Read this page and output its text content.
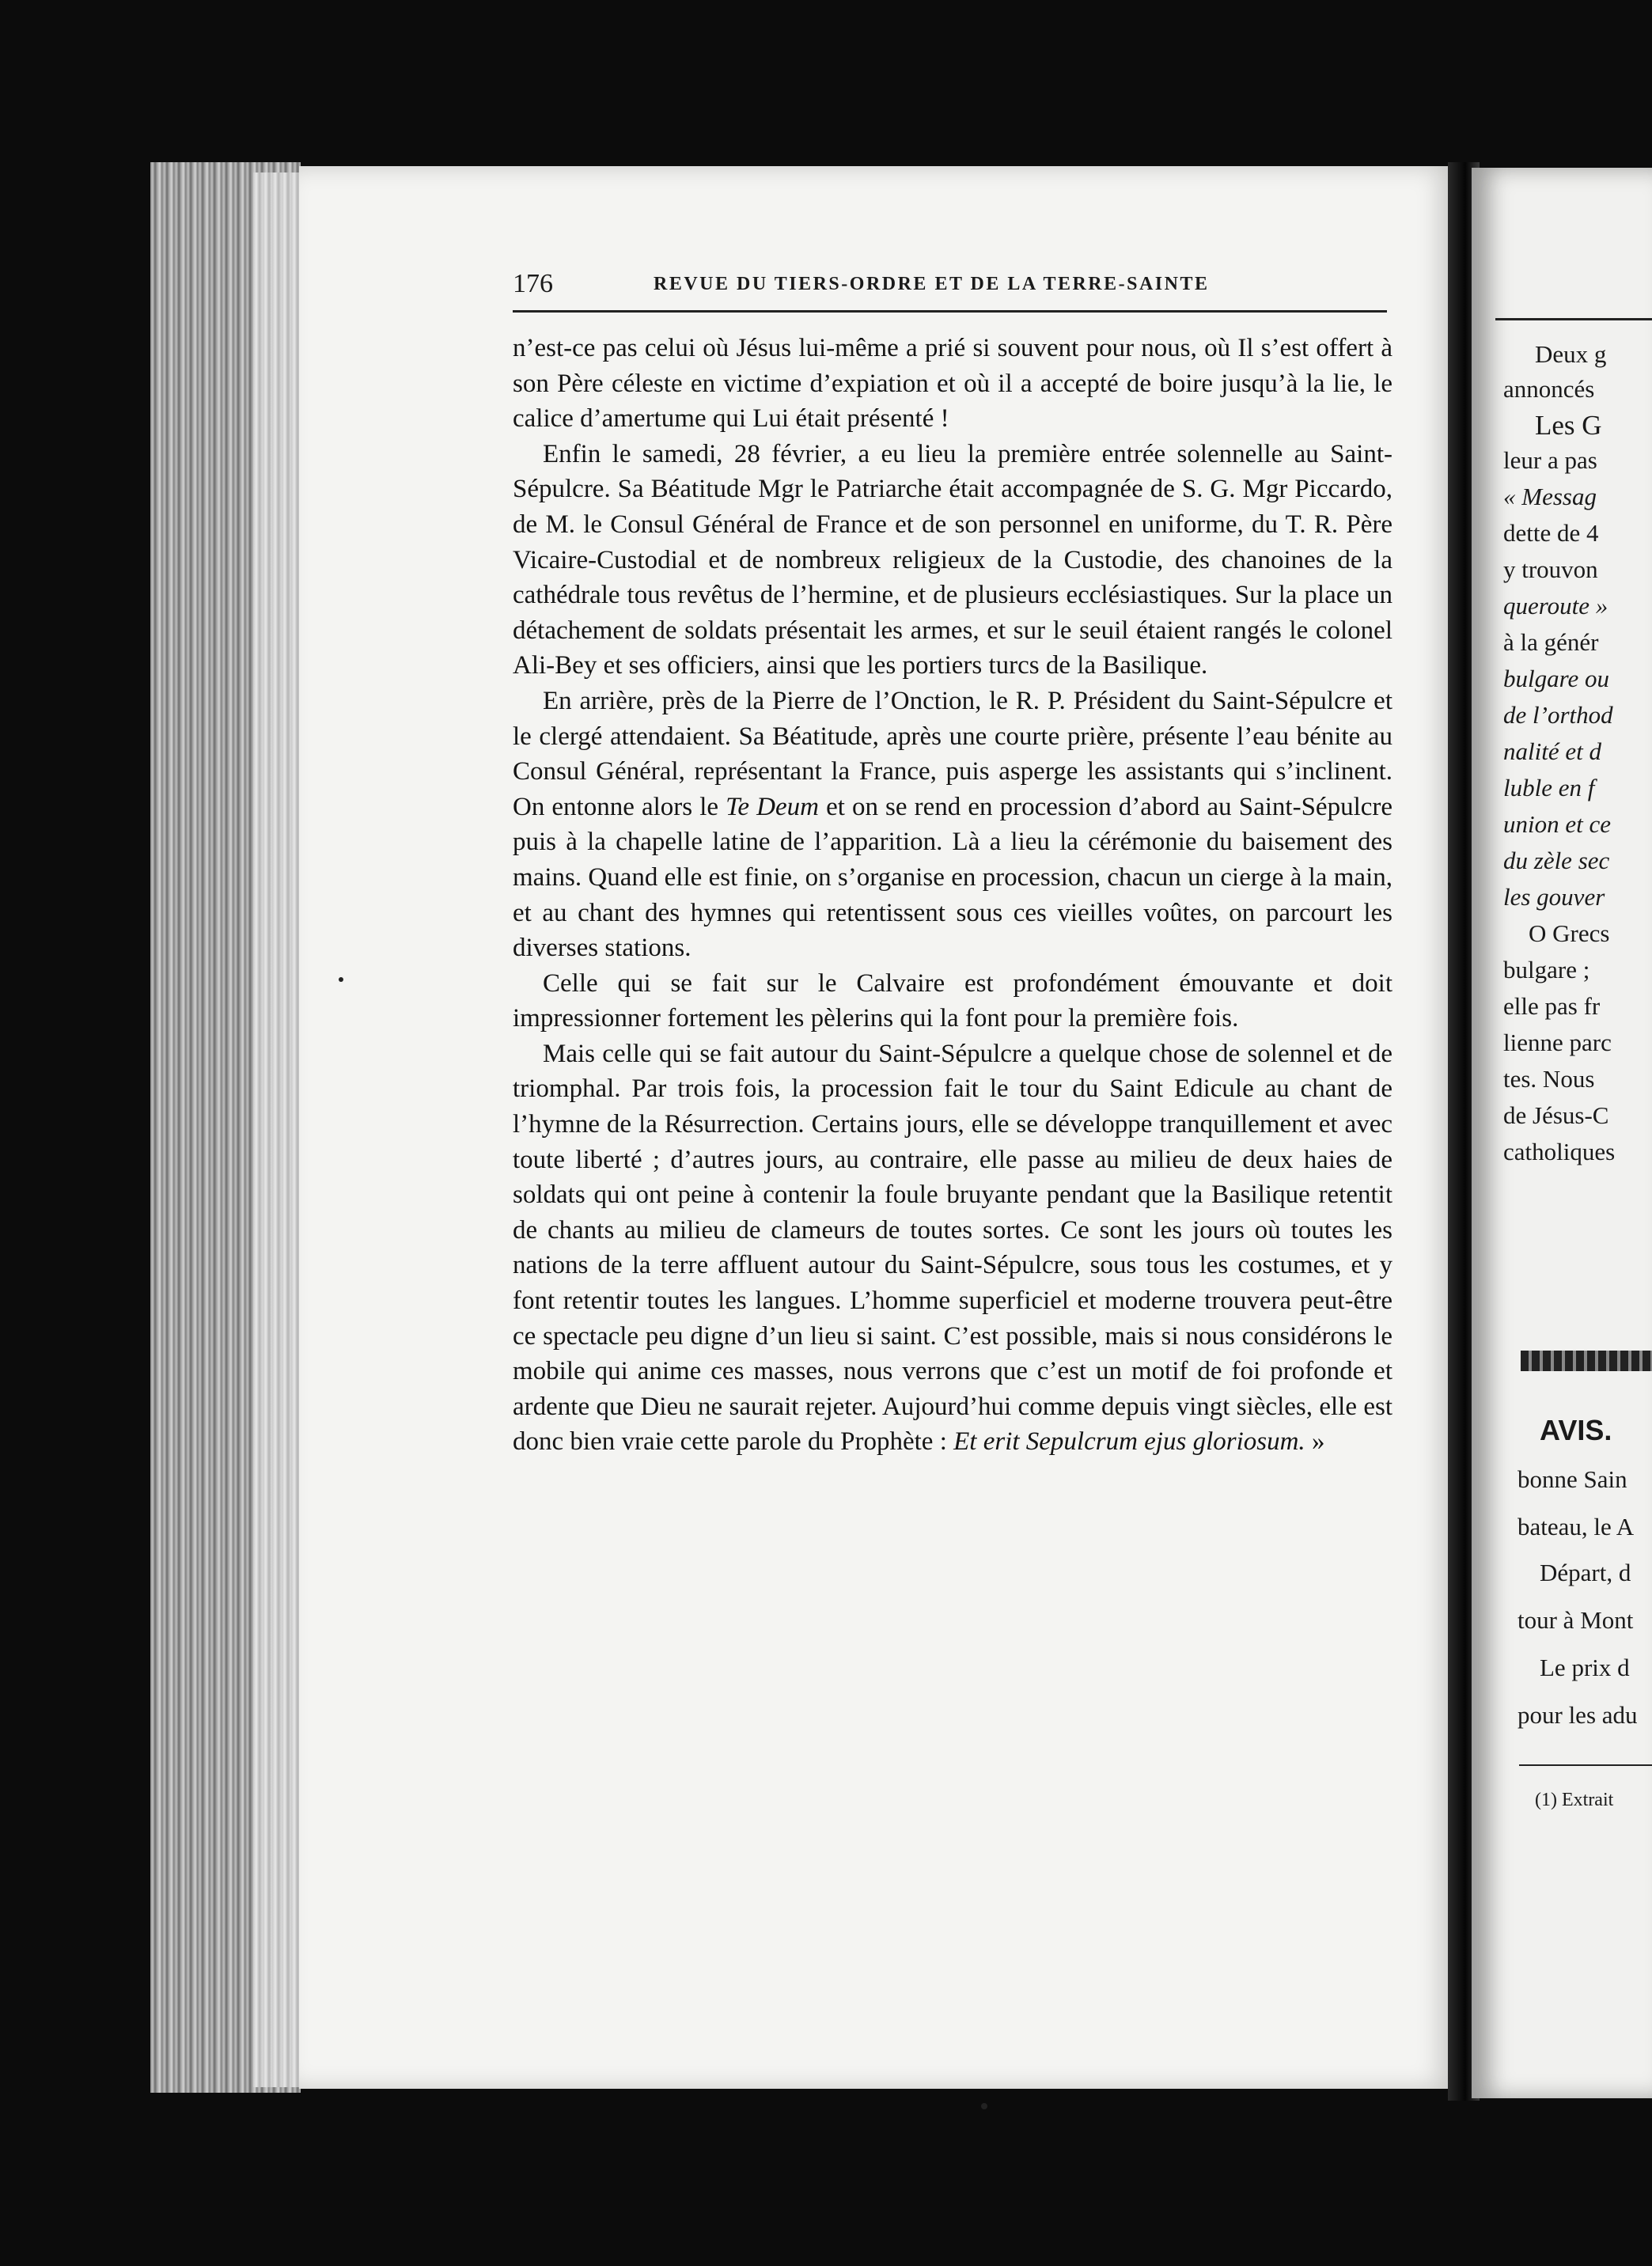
176	REVUE DU TIERS-ORDRE ET DE LA TERRE-SAINTE

n’est-ce pas celui où Jésus lui-même a prié si souvent pour nous, où Il s’est offert à son Père céleste en victime d’expiation et où il a accepté de boire jusqu’à la lie, le calice d’amertume qui Lui était présenté !

Enfin le samedi, 28 février, a eu lieu la première entrée solennelle au Saint-Sépulcre. Sa Béatitude Mgr le Patriarche était accompagnée de S. G. Mgr Piccardo, de M. le Consul Général de France et de son personnel en uniforme, du T. R. Père Vicaire-Custodial et de nombreux religieux de la Custodie, des chanoines de la cathédrale tous revêtus de l’hermine, et de plusieurs ecclésiastiques. Sur la place un détachement de soldats présentait les armes, et sur le seuil étaient rangés le colonel Ali-Bey et ses officiers, ainsi que les portiers turcs de la Basilique.

En arrière, près de la Pierre de l’Onction, le R. P. Président du Saint-Sépulcre et le clergé attendaient. Sa Béatitude, après une courte prière, présente l’eau bénite au Consul Général, représentant la France, puis asperge les assistants qui s’inclinent. On entonne alors le Te Deum et on se rend en procession d’abord au Saint-Sépulcre puis à la chapelle latine de l’apparition. Là a lieu la cérémonie du baisement des mains. Quand elle est finie, on s’organise en procession, chacun un cierge à la main, et au chant des hymnes qui retentissent sous ces vieilles voûtes, on parcourt les diverses stations.

Celle qui se fait sur le Calvaire est profondément émouvante et doit impressionner fortement les pèlerins qui la font pour la première fois.

Mais celle qui se fait autour du Saint-Sépulcre a quelque chose de solennel et de triomphal. Par trois fois, la procession fait le tour du Saint Edicule au chant de l’hymne de la Résurrection. Certains jours, elle se développe tranquillement et avec toute liberté ; d’autres jours, au contraire, elle passe au milieu de deux haies de soldats qui ont peine à contenir la foule bruyante pendant que la Basilique retentit de chants au milieu de clameurs de toutes sortes. Ce sont les jours où toutes les nations de la terre affluent autour du Saint-Sépulcre, sous tous les costumes, et y font retentir toutes les langues. L’homme superficiel et moderne trouvera peut-être ce spectacle peu digne d’un lieu si saint. C’est possible, mais si nous considérons le mobile qui anime ces masses, nous verrons que c’est un motif de foi profonde et ardente que Dieu ne saurait rejeter. Aujourd’hui comme depuis vingt siècles, elle est donc bien vraie cette parole du Prophète : Et erit Sepulcrum ejus gloriosum. »

Deux g
annoncés
Les G
leur a pas
« Messag
dette de 4
y trouvon
queroute »
à la génér
bulgare ou
de l’orthod
nalité et d
luble en f
union et ce
du zèle sec
les gouver
O Grecs
bulgare ;
elle pas fr
lienne parc
tes. Nous
de Jésus-C
catholiques
AVIS.
bonne Sain
bateau, le A
Départ, d
tour à Mont
Le prix d
pour les adu
(1) Extrait
